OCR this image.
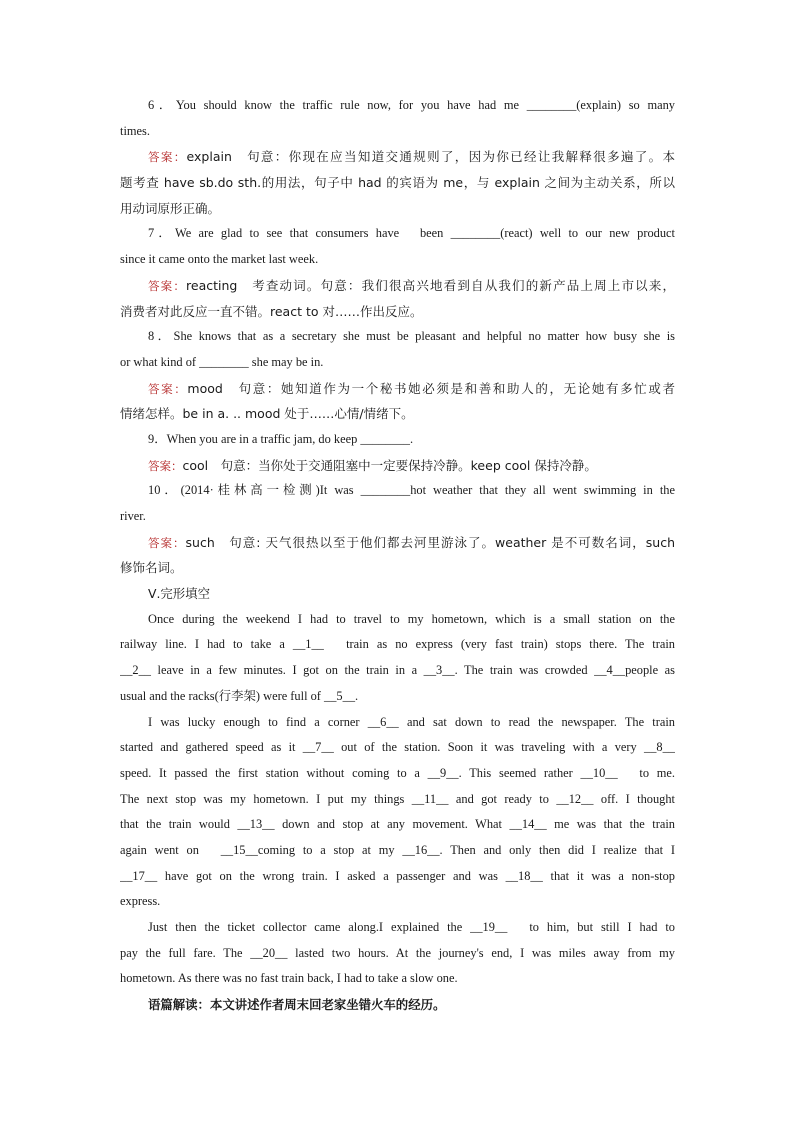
6．You should know the traffic rule now, for you have had me ________(explain) so many
times.
答案：explain　句意：你现在应当知道交通规则了，因为你已经让我解释很多遍了。本
题考查 have sb.do sth.的用法，句子中 had 的宾语为 me，与 explain 之间为主动关系，所以
用动词原形正确。
7．We are glad to see that consumers have　been ________(react) well to our new product
since it came onto the market last week.
答案：reacting　考查动词。句意：我们很高兴地看到自从我们的新产品上周上市以来，
消费者对此反应一直不错。react to 对……作出反应。
8．She knows that as a secretary she must be pleasant and helpful no matter how busy she is
or what kind of ________ she may be in.
答案：mood　句意：她知道作为一个秘书她必须是和善和助人的，无论她有多忙或者
情绪怎样。be in a. .. mood 处于……心情/情绪下。
9．When you are in a traffic jam, do keep ________.
答案：cool　句意：当你处于交通阻塞中一定要保持冷静。keep cool 保持冷静。
10．(2014·桂林高一检测)It was ________hot weather that they all went swimming in the
river.
答案：such　句意: 天气很热以至于他们都去河里游泳了。weather 是不可数名词，such
修饰名词。
Ⅴ.完形填空
Once during the weekend I had to travel to my hometown, which is a small station on the
railway line. I had to take a __1__　train as no express (very fast train) stops there. The train
__2__ leave in a few minutes. I got on the train in a __3__. The train was crowded __4__people as
usual and the racks(行李架) were full of __5__.
I was lucky enough to find a corner __6__ and sat down to read the newspaper. The train
started and gathered speed as it __7__ out of the station. Soon it was traveling with a very __8__
speed. It passed the first station without coming to a __9__. This seemed rather __10__　to me.
The next stop was my hometown. I put my things __11__ and got ready to __12__ off. I thought
that the train would __13__ down and stop at any movement. What __14__ me was that the train
again went on　__15__coming to a stop at my __16__. Then and only then did I realize that I
__17__ have got on the wrong train. I asked a passenger and was __18__ that it was a non-stop
express.
Just then the ticket collector came along.I explained the __19__　to him, but still I had to
pay the full fare. The __20__ lasted two hours. At the journey's end, I was miles away from my
hometown. As there was no fast train back, I had to take a slow one.
语篇解读：本文讲述作者周末回老家坐错火车的经历。
